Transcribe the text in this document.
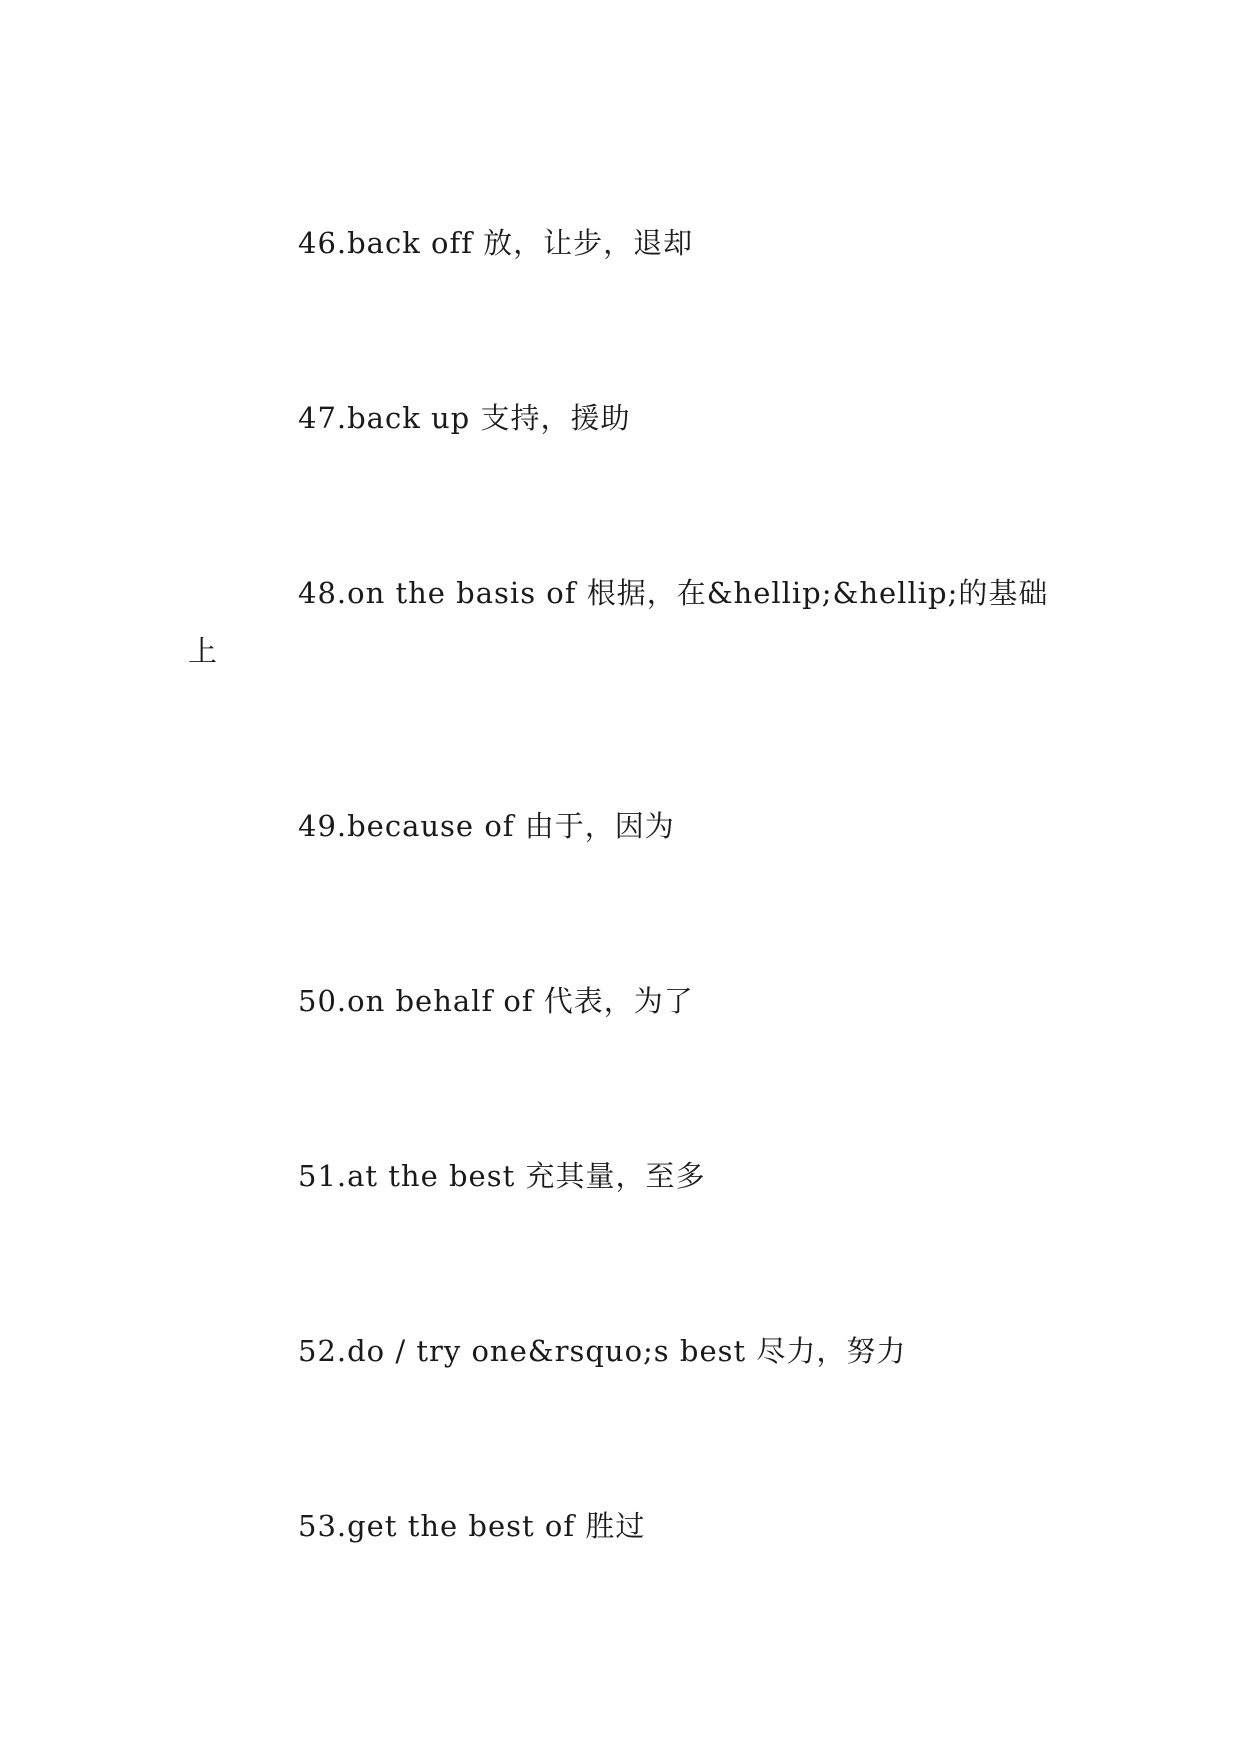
46.back off 放，让步，退却

47.back up 支持，援助

48.on the basis of 根据，在&hellip;&hellip;的基础上

49.because of 由于，因为

50.on behalf of 代表，为了

51.at the best 充其量，至多

52.do / try one&rsquo;s best 尽力，努力

53.get the best of 胜过
